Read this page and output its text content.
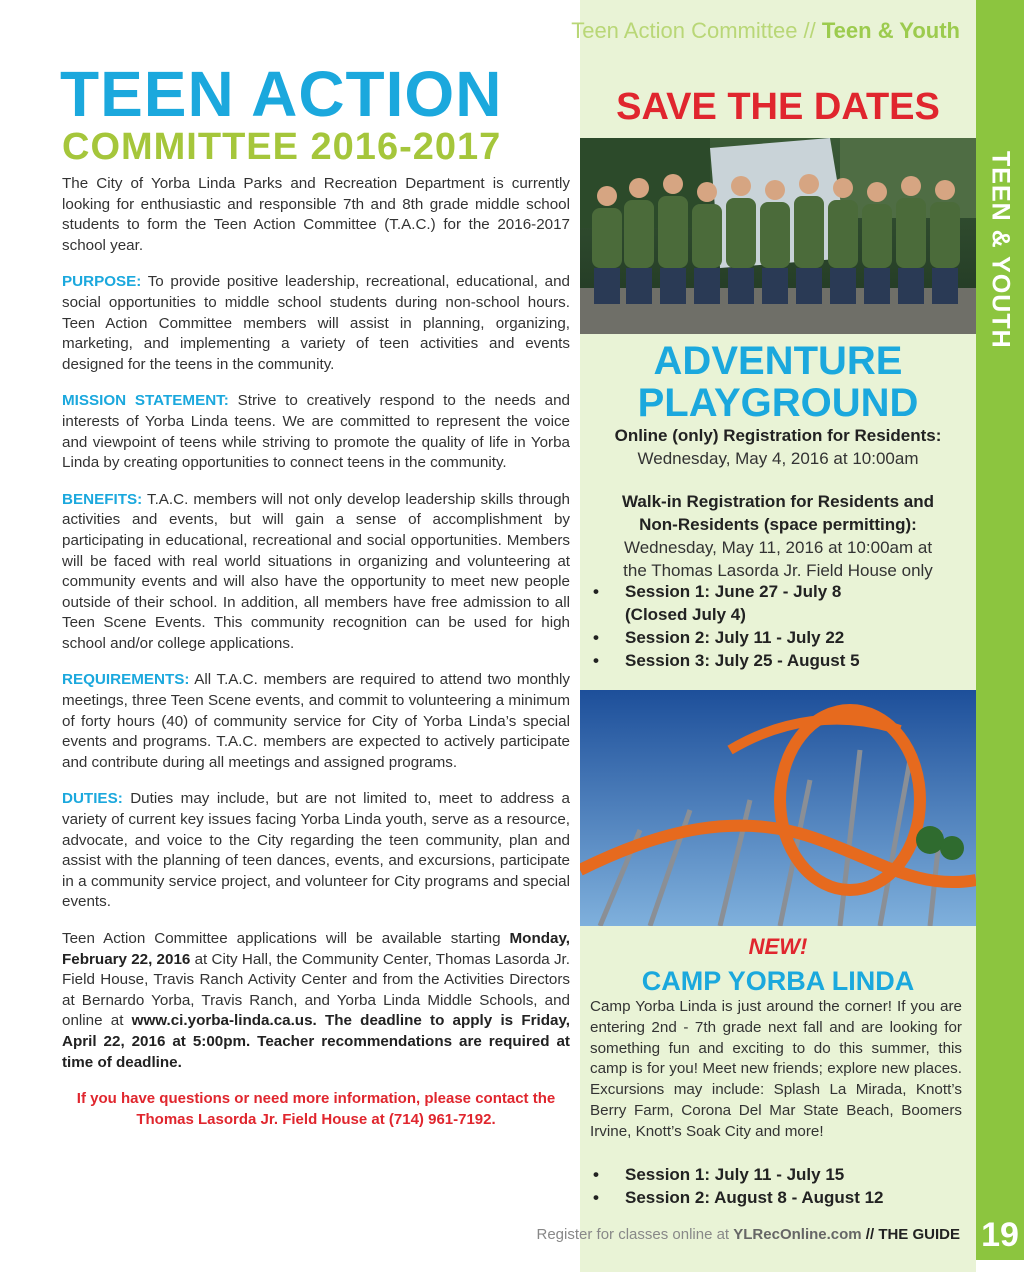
TEEN & YOUTH
19
Teen Action Committee // Teen & Youth
TEEN ACTION
COMMITTEE 2016-2017

The City of Yorba Linda Parks and Recreation Department is currently looking for enthusiastic and responsible 7th and 8th grade middle school students to form the Teen Action Committee (T.A.C.) for the 2016-2017 school year.

PURPOSE: To provide positive leadership, recreational, educational, and social opportunities to middle school students during non-school hours. Teen Action Committee members will assist in planning, organizing, marketing, and implementing a variety of teen activities and events designed for the teens in the community.

MISSION STATEMENT: Strive to creatively respond to the needs and interests of Yorba Linda teens. We are committed to represent the voice and viewpoint of teens while striving to promote the quality of life in Yorba Linda by creating opportunities to connect teens in the community.

BENEFITS: T.A.C. members will not only develop leadership skills through activities and events, but will gain a sense of accomplishment by participating in educational, recreational and social opportunities. Members will be faced with real world situations in organizing and volunteering at community events and will also have the opportunity to meet new people outside of their school. In addition, all members have free admission to all Teen Scene Events. This community recognition can be used for high school and/or college applications.

REQUIREMENTS: All T.A.C. members are required to attend two monthly meetings, three Teen Scene events, and commit to volunteering a minimum of forty hours (40) of community service for City of Yorba Linda’s special events and programs. T.A.C. members are expected to actively participate and contribute during all meetings and assigned programs.

DUTIES: Duties may include, but are not limited to, meet to address a variety of current key issues facing Yorba Linda youth, serve as a resource, advocate, and voice to the City regarding the teen community, plan and assist with the planning of teen dances, events, and excursions, participate in a community service project, and volunteer for City programs and special events.

Teen Action Committee applications will be available starting Monday, February 22, 2016 at City Hall, the Community Center, Thomas Lasorda Jr. Field House, Travis Ranch Activity Center and from the Activities Directors at Bernardo Yorba, Travis Ranch, and Yorba Linda Middle Schools, and online at www.ci.yorba-linda.ca.us. The deadline to apply is Friday, April 22, 2016 at 5:00pm. Teacher recommendations are required at time of deadline.

If you have questions or need more information, please contact the Thomas Lasorda Jr. Field House at (714) 961-7192.

SAVE THE DATES
ADVENTURE PLAYGROUND
Online (only) Registration for Residents:
Wednesday, May 4, 2016 at 10:00am
Walk-in Registration for Residents and Non-Residents (space permitting):
Wednesday, May 11, 2016 at 10:00am at the Thomas Lasorda Jr. Field House only
• Session 1: June 27 - July 8 (Closed July 4)
• Session 2: July 11 - July 22
• Session 3: July 25 - August 5
NEW!
CAMP YORBA LINDA
Camp Yorba Linda is just around the corner! If you are entering 2nd - 7th grade next fall and are looking for something fun and exciting to do this summer, this camp is for you! Meet new friends; explore new places. Excursions may include: Splash La Mirada, Knott’s Berry Farm, Corona Del Mar State Beach, Boomers Irvine, Knott’s Soak City and more!
• Session 1: July 11 - July 15
• Session 2: August 8 - August 12
Register for classes online at YLRecOnline.com // THE GUIDE
